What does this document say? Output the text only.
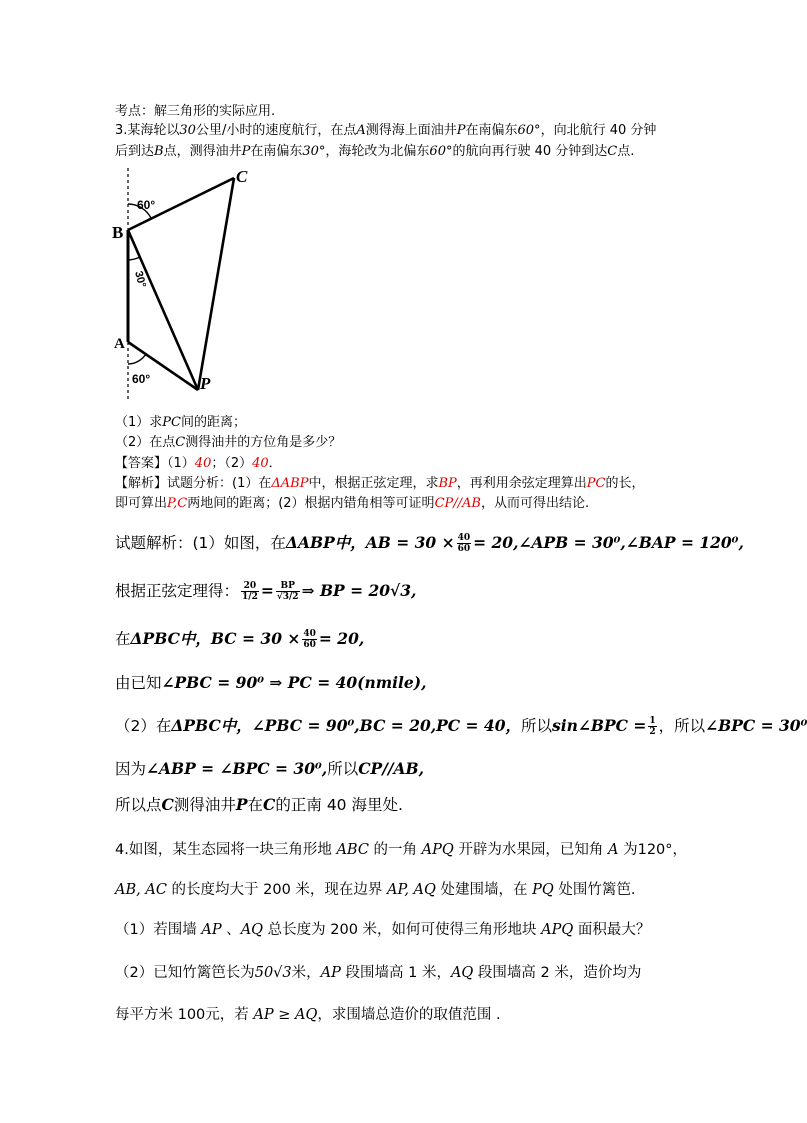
考点：解三角形的实际应用.
3.某海轮以30公里/小时的速度航行，在点A测得海上面油井P在南偏东60°，向北航行 40 分钟
后到达B点，测得油井P在南偏东30°，海轮改为北偏东60°的航向再行驶 40 分钟到达C点.
B
C
A
P
60°
30°
60°
（1）求PC间的距离；
（2）在点C测得油井的方位角是多少？
【答案】（1）40；（2）40．
【解析】试题分析：(1）在ΔABP中，根据正弦定理，求BP，再利用余弦定理算出PC的长，
即可算出P,C两地间的距离；(2）根据内错角相等可证明CP//AB，从而可得出结论.
试题解析：(1）如图，在ΔABP中，AB = $30 \times \frac{40}{60}$ = 20,∠APB = 30⁰,∠BAP = 120⁰,
根据正弦定理得： $\frac{20}{1/2} = \frac{BP}{√3/2}$ ⇒ BP = 20√3,
在ΔPBC中，BC = $30 \times \frac{40}{60} = 20$,
由已知∠PBC = 90⁰ ⇒ PC = 40(nmile),
（2）在ΔPBC中，∠PBC = 90⁰,BC = 20,PC = 40，所以sin∠BPC = $\frac{1}{2}$ ，所以∠BPC = 30⁰
因为∠ABP = ∠BPC = 30⁰,所以CP//AB,
所以点C测得油井P在C的正南 40 海里处.
4.如图，某生态园将一块三角形地 ABC 的一角 APQ 开辟为水果园，已知角 A 为120°，
AB, AC 的长度均大于 200 米，现在边界 AP, AQ 处建围墙，在 PQ 处围竹篱笆.
（1）若围墙 AP 、AQ 总长度为 200 米，如何可使得三角形地块 APQ 面积最大？
（2）已知竹篱笆长为50√3米，AP 段围墙高 1 米，AQ 段围墙高 2 米，造价均为
每平方米 100元，若 AP ≥ AQ，求围墙总造价的取值范围 .
